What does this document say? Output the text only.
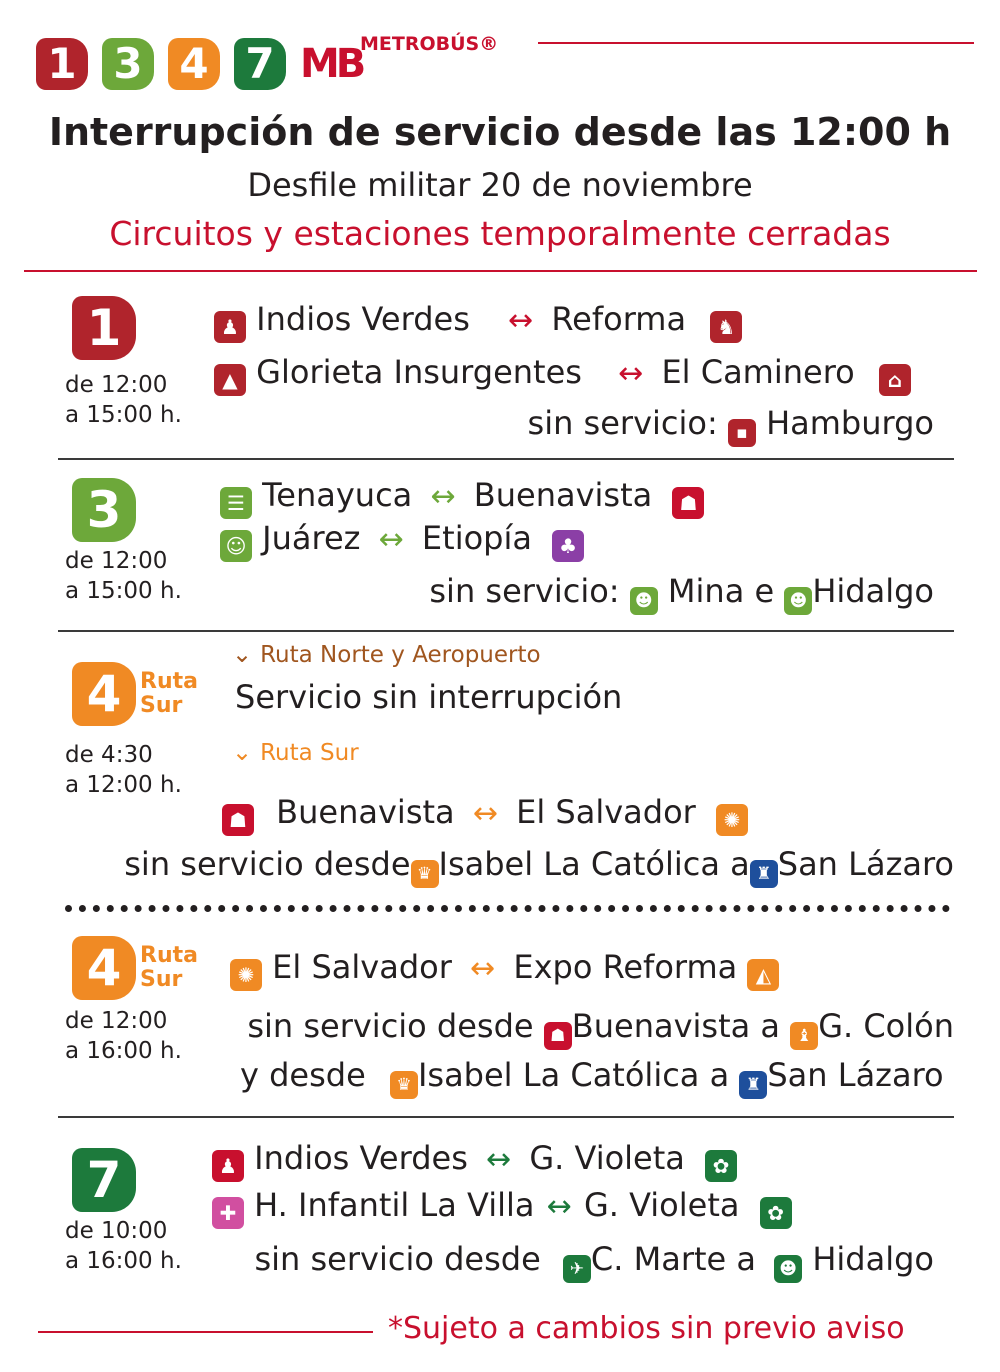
1 3 4 7 MB
METROBÚS®
Interrupción de servicio desde las 12:00 h
Desfile militar 20 de noviembre
Circuitos y estaciones temporalmente cerradas
1
de 12:00
a 15:00 h.
♟ Indios Verdes ↔ Reforma ♞
▲ Glorieta Insurgentes ↔ El Caminero ⌂
sin servicio: ▪ Hamburgo
3
de 12:00
a 15:00 h.
☰ Tenayuca ↔ Buenavista ☗
☺ Juárez ↔ Etiopía ♣
sin servicio: ☻ Mina e ☻ Hidalgo
4 Ruta
Sur
de 4:30
a 12:00 h.
⌄ Ruta Norte y Aeropuerto
Servicio sin interrupción
⌄ Ruta Sur
☗ Buenavista ↔ El Salvador ✺
sin servicio desde ♛ Isabel La Católica a ♜ San Lázaro
4 Ruta
Sur
de 12:00
a 16:00 h.
✺ El Salvador ↔ Expo Reforma ◭
sin servicio desde ☗ Buenavista a ♝ G. Colón
y desde ♛ Isabel La Católica a ♜ San Lázaro
7
de 10:00
a 16:00 h.
♟ Indios Verdes ↔ G. Violeta ✿
✚ H. Infantil La Villa ↔ G. Violeta ✿
sin servicio desde ✈ C. Marte a ☻ Hidalgo
*Sujeto a cambios sin previo aviso
